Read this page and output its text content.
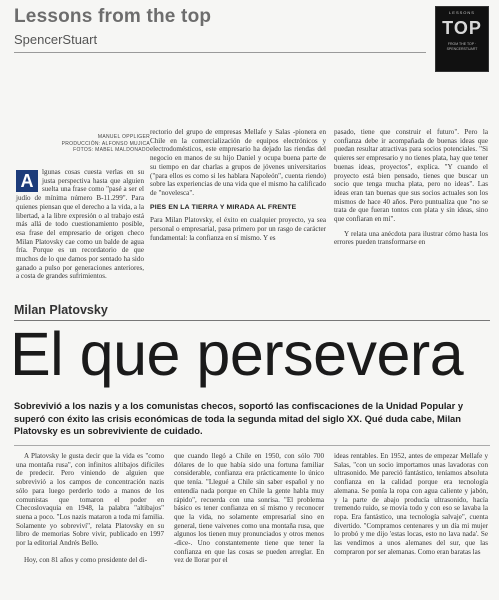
Lessons from the top
SpencerStuart
LESSONS
TOP
FROM THE TOP · SPENCERSTUART
MANUEL OPPLIGER
PRODUCCIÓN: ALFONSO MUJICA
FOTOS: MABEL MALDONADO
A	lgunas cosas cuesta verlas en su justa perspectiva hasta que alguien suelta una frase como "pasé a ser el judío de mínima número B-11.299". Para quienes piensan que el derecho a la vida, a la libertad, a la libre expresión o al trabajo está más allá de todo cuestionamiento posible, esa frase del empresario de origen checo Milan Platovsky cae como un balde de agua fría. Porque es un recordatorio de que muchos de lo que damos por sentado ha sido ganado a pulso por generaciones anteriores, a costa de grandes sufrimientos.

rectorio del grupo de empresas Mellafe y Salas -pionera en Chile en la comercialización de equipos electrónicos y electrodomésticos, este empresario ha dejado las riendas del negocio en manos de su hijo Daniel y ocupa buena parte de su tiempo en dar charlas a grupos de jóvenes universitarios ("para ellos es como si les hablara Napoleón", cuenta riendo) sobre las experiencias de una vida que el mismo ha calificado de "novelesca".

PIES EN LA TIERRA Y MIRADA AL FRENTE

Para Milan Platovsky, el éxito en cualquier proyecto, ya sea personal o empresarial, pasa primero por un rasgo de carácter fundamental: la confianza en sí mismo. Y es

pasado, tiene que construir el futuro". Pero la confianza debe ir acompañada de buenas ideas que puedan resultar atractivas para socios potenciales. "Si quieres ser empresario y no tienes plata, hay que tener buenas ideas, proyectos", explica. "Y cuando el proyecto está bien pensado, tienes que buscar un socio que tenga mucha plata, pero no ideas". Las ideas eran tan buenas que sus socios actuales son los mismos de hace 40 años. Pero puntualiza que "no se trata de que fueran tontos con plata y sin ideas, sino que confiaran en mí".

Y relata una anécdota para ilustrar cómo hasta los errores pueden transformarse en

Milan Platovsky
El que persevera
Sobrevivió a los nazis y a los comunistas checos, soportó las confiscaciones de la Unidad Popular y superó con éxito las crisis económicas de toda la segunda mitad del siglo XX. Qué duda cabe, Milan Platovsky es un sobreviviente de cuidado.

A Platovsky le gusta decir que la vida es "como una montaña rusa", con infinitos altibajos difíciles de predecir. Pero viniendo de alguien que sobrevivió a los campos de concentración nazis sólo para luego perderlo todo a manos de los comunistas que tomaron el poder en Checoslovaquia en 1948, la palabra "altibajos" suena a poco. "Los nazis mataron a toda mi familia. Solamente yo sobreviví", relata Platovsky en su libro de memorias Sobre vivir, publicado en 1997 por la editorial Andrés Bello.

Hoy, con 81 años y como presidente del di-

que cuando llegó a Chile en 1950, con sólo 700 dólares de lo que había sido una fortuna familiar considerable, confianza era prácticamente lo único que tenía. "Llegué a Chile sin saber español y no entendía nada porque en Chile la gente habla muy rápido", recuerda con una sonrisa. "El problema básico es tener confianza en sí mismo y reconocer que la vida, no solamente empresarial sino en general, tiene vaivenes como una montaña rusa, que algunos los tienen muy pronunciados y otros menos -dice-. Uno constantemente tiene que tener la confianza en que las cosas se pueden arreglar. En vez de llorar por el

ideas rentables. En 1952, antes de empezar Mellafe y Salas, "con un socio importamos unas lavadoras con ultrasonido. Me pareció fantástico, teníamos absoluta confianza en la calidad porque era tecnología alemana. Se ponía la ropa con agua caliente y jabón, y la parte de abajo producía ultrasonido, hacía tremendo ruido, se movía todo y con eso se lavaba la ropa. Era fantástico, una tecnología salvaje", cuenta divertido. "Compramos centenares y un día mi mujer lo probó y me dijo 'estas locas, esto no lava nada'. Se las vendimos a unos alemanes del sur, que las compraron por ser alemanas. Como eran baratas las
